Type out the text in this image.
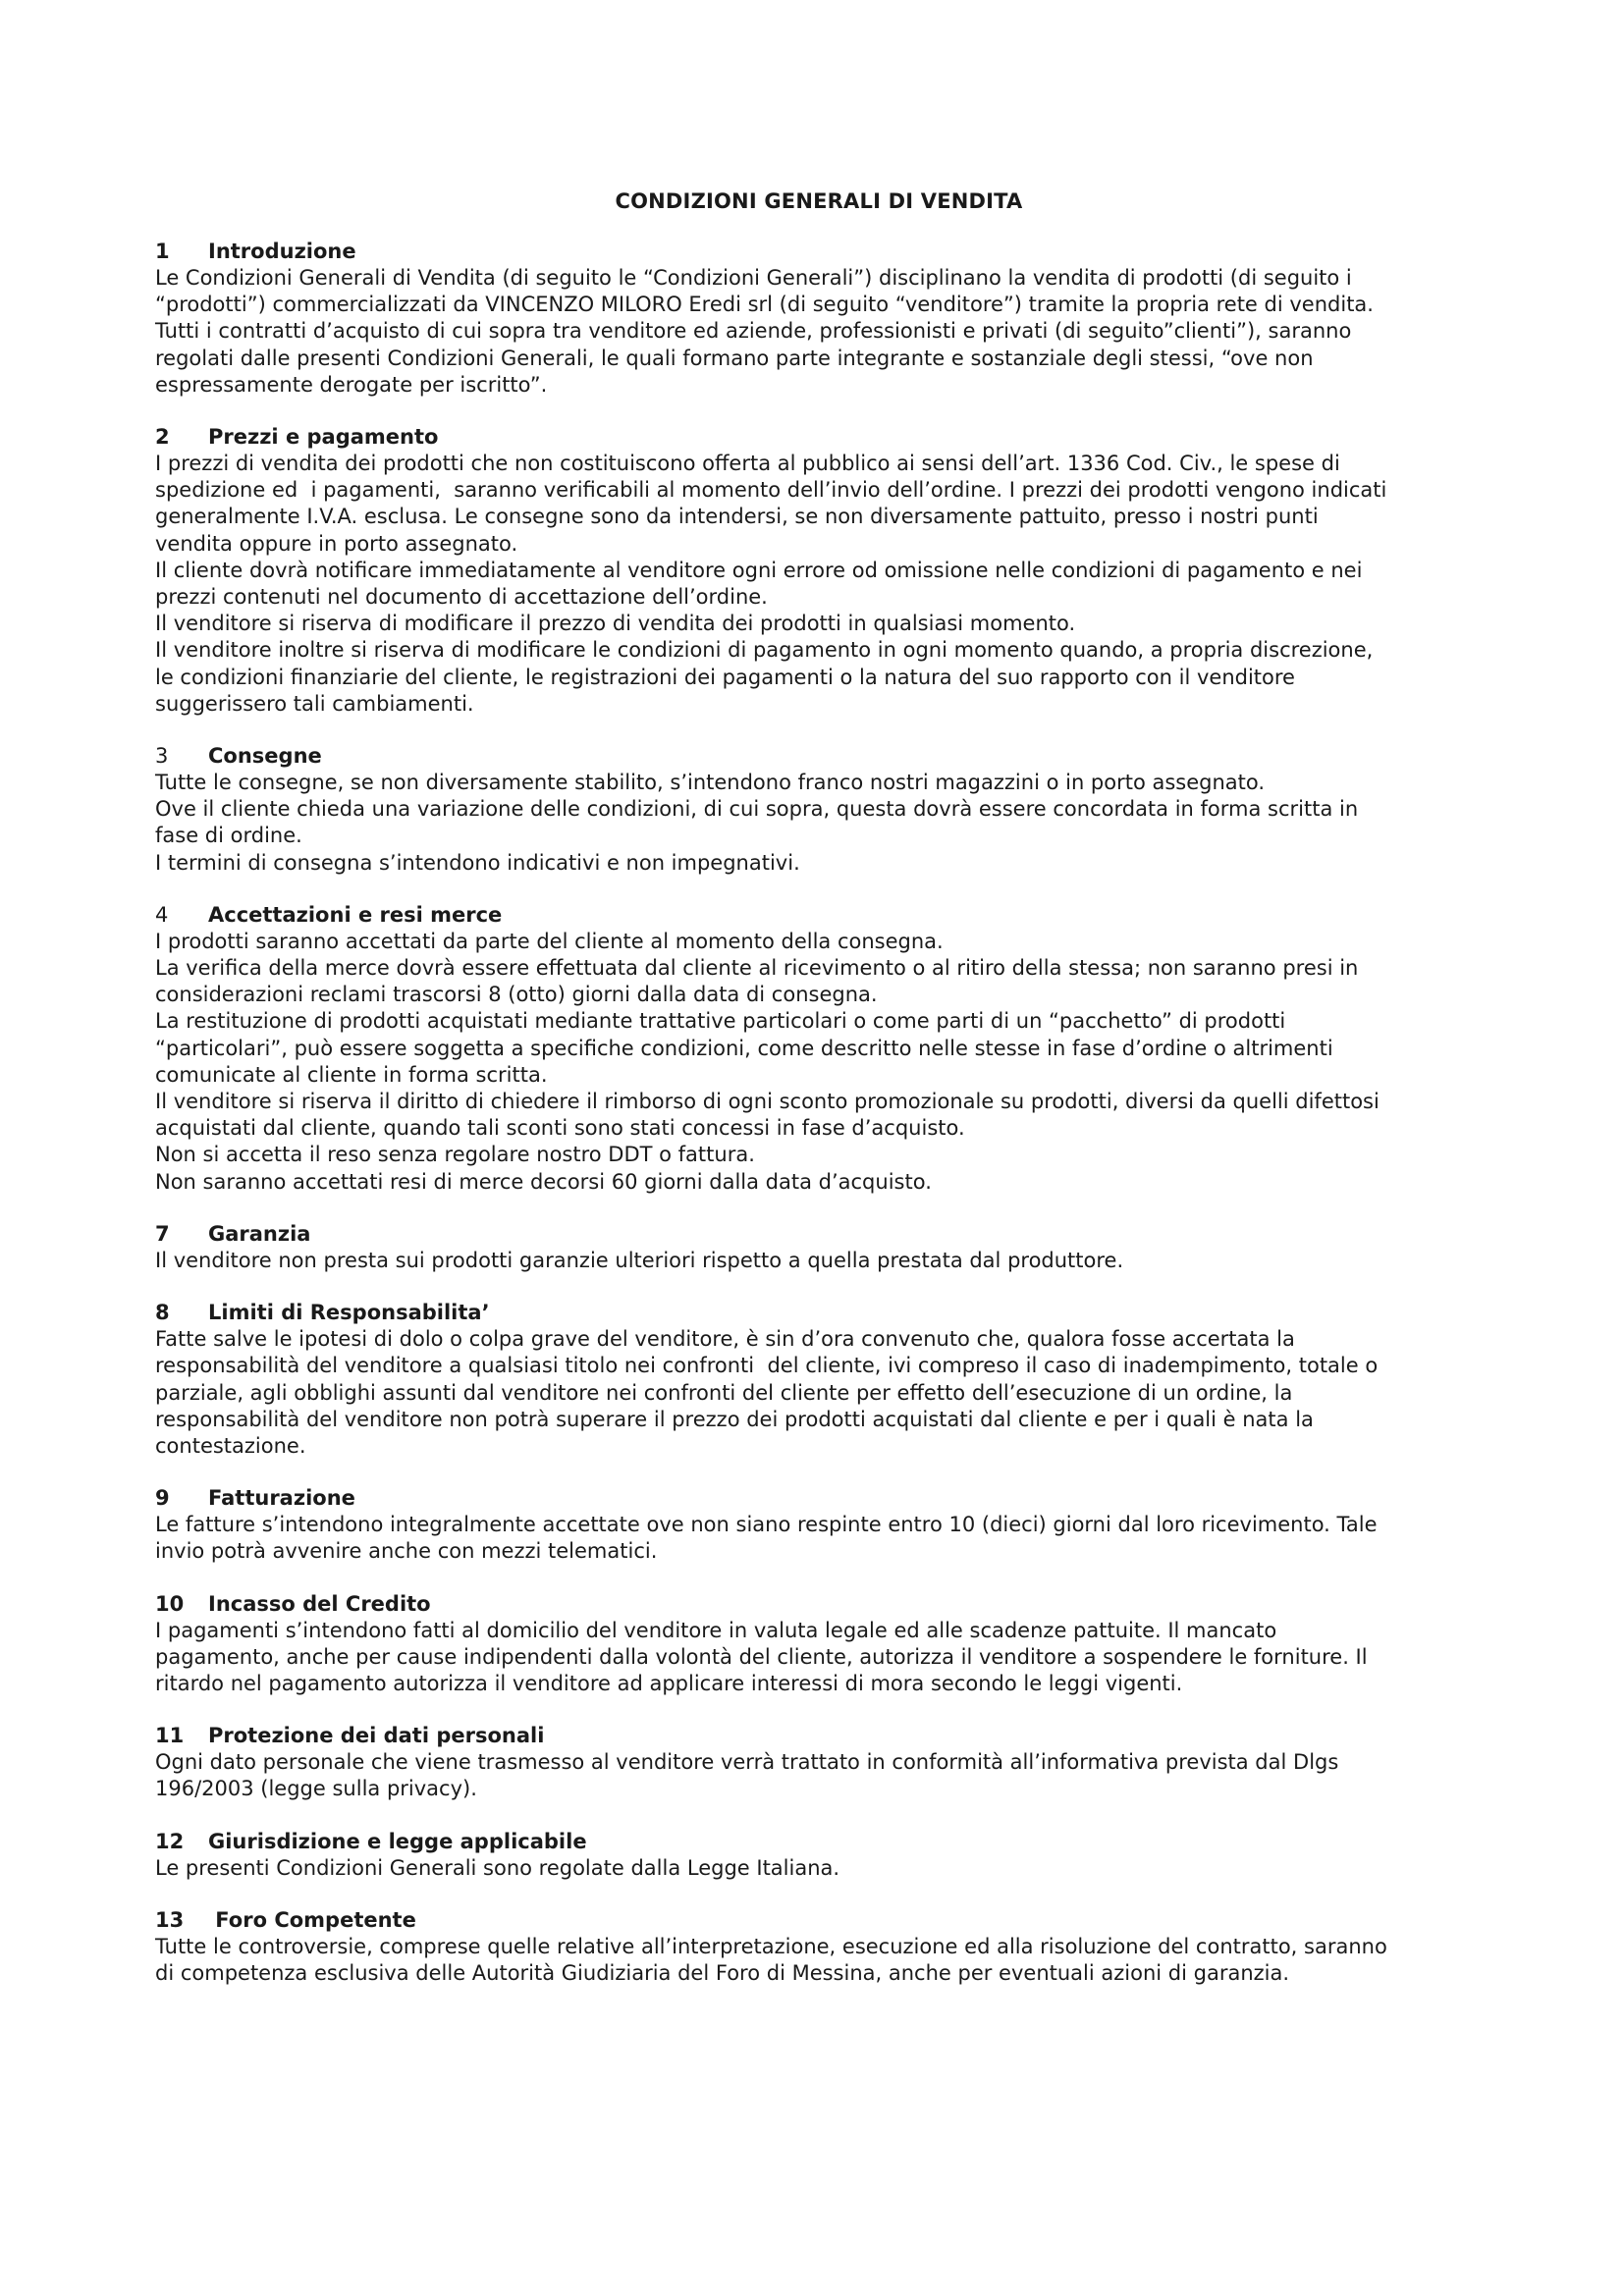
CONDIZIONI GENERALI DI VENDITA
1	Introduzione
Le Condizioni Generali di Vendita (di seguito le “Condizioni Generali”) disciplinano la vendita di prodotti (di seguito i
“prodotti”) commercializzati da VINCENZO MILORO Eredi srl (di seguito “venditore”) tramite la propria rete di vendita.
Tutti i contratti d’acquisto di cui sopra tra venditore ed aziende, professionisti e privati (di seguito”clienti”), saranno
regolati dalle presenti Condizioni Generali, le quali formano parte integrante e sostanziale degli stessi, “ove non
espressamente derogate per iscritto”.
2	Prezzi e pagamento
I prezzi di vendita dei prodotti che non costituiscono offerta al pubblico ai sensi dell’art. 1336 Cod. Civ., le spese di
spedizione ed  i pagamenti,  saranno verificabili al momento dell’invio dell’ordine. I prezzi dei prodotti vengono indicati
generalmente I.V.A. esclusa. Le consegne sono da intendersi, se non diversamente pattuito, presso i nostri punti
vendita oppure in porto assegnato.
Il cliente dovrà notificare immediatamente al venditore ogni errore od omissione nelle condizioni di pagamento e nei
prezzi contenuti nel documento di accettazione dell’ordine.
Il venditore si riserva di modificare il prezzo di vendita dei prodotti in qualsiasi momento.
Il venditore inoltre si riserva di modificare le condizioni di pagamento in ogni momento quando, a propria discrezione,
le condizioni finanziarie del cliente, le registrazioni dei pagamenti o la natura del suo rapporto con il venditore
suggerissero tali cambiamenti.
3	Consegne
Tutte le consegne, se non diversamente stabilito, s’intendono franco nostri magazzini o in porto assegnato.
Ove il cliente chieda una variazione delle condizioni, di cui sopra, questa dovrà essere concordata in forma scritta in
fase di ordine.
I termini di consegna s’intendono indicativi e non impegnativi.
4	Accettazioni e resi merce
I prodotti saranno accettati da parte del cliente al momento della consegna.
La verifica della merce dovrà essere effettuata dal cliente al ricevimento o al ritiro della stessa; non saranno presi in
considerazioni reclami trascorsi 8 (otto) giorni dalla data di consegna.
La restituzione di prodotti acquistati mediante trattative particolari o come parti di un “pacchetto” di prodotti
“particolari”, può essere soggetta a specifiche condizioni, come descritto nelle stesse in fase d’ordine o altrimenti
comunicate al cliente in forma scritta.
Il venditore si riserva il diritto di chiedere il rimborso di ogni sconto promozionale su prodotti, diversi da quelli difettosi
acquistati dal cliente, quando tali sconti sono stati concessi in fase d’acquisto.
Non si accetta il reso senza regolare nostro DDT o fattura.
Non saranno accettati resi di merce decorsi 60 giorni dalla data d’acquisto.
7	Garanzia
Il venditore non presta sui prodotti garanzie ulteriori rispetto a quella prestata dal produttore.
8	Limiti di Responsabilita’
Fatte salve le ipotesi di dolo o colpa grave del venditore, è sin d’ora convenuto che, qualora fosse accertata la
responsabilità del venditore a qualsiasi titolo nei confronti  del cliente, ivi compreso il caso di inadempimento, totale o
parziale, agli obblighi assunti dal venditore nei confronti del cliente per effetto dell’esecuzione di un ordine, la
responsabilità del venditore non potrà superare il prezzo dei prodotti acquistati dal cliente e per i quali è nata la
contestazione.
9	Fatturazione
Le fatture s’intendono integralmente accettate ove non siano respinte entro 10 (dieci) giorni dal loro ricevimento. Tale
invio potrà avvenire anche con mezzi telematici.
10	Incasso del Credito
I pagamenti s’intendono fatti al domicilio del venditore in valuta legale ed alle scadenze pattuite. Il mancato
pagamento, anche per cause indipendenti dalla volontà del cliente, autorizza il venditore a sospendere le forniture. Il
ritardo nel pagamento autorizza il venditore ad applicare interessi di mora secondo le leggi vigenti.
11	Protezione dei dati personali
Ogni dato personale che viene trasmesso al venditore verrà trattato in conformità all’informativa prevista dal Dlgs
196/2003 (legge sulla privacy).
12	Giurisdizione e legge applicabile
Le presenti Condizioni Generali sono regolate dalla Legge Italiana.
13	Foro Competente
Tutte le controversie, comprese quelle relative all’interpretazione, esecuzione ed alla risoluzione del contratto, saranno
di competenza esclusiva delle Autorità Giudiziaria del Foro di Messina, anche per eventuali azioni di garanzia.
